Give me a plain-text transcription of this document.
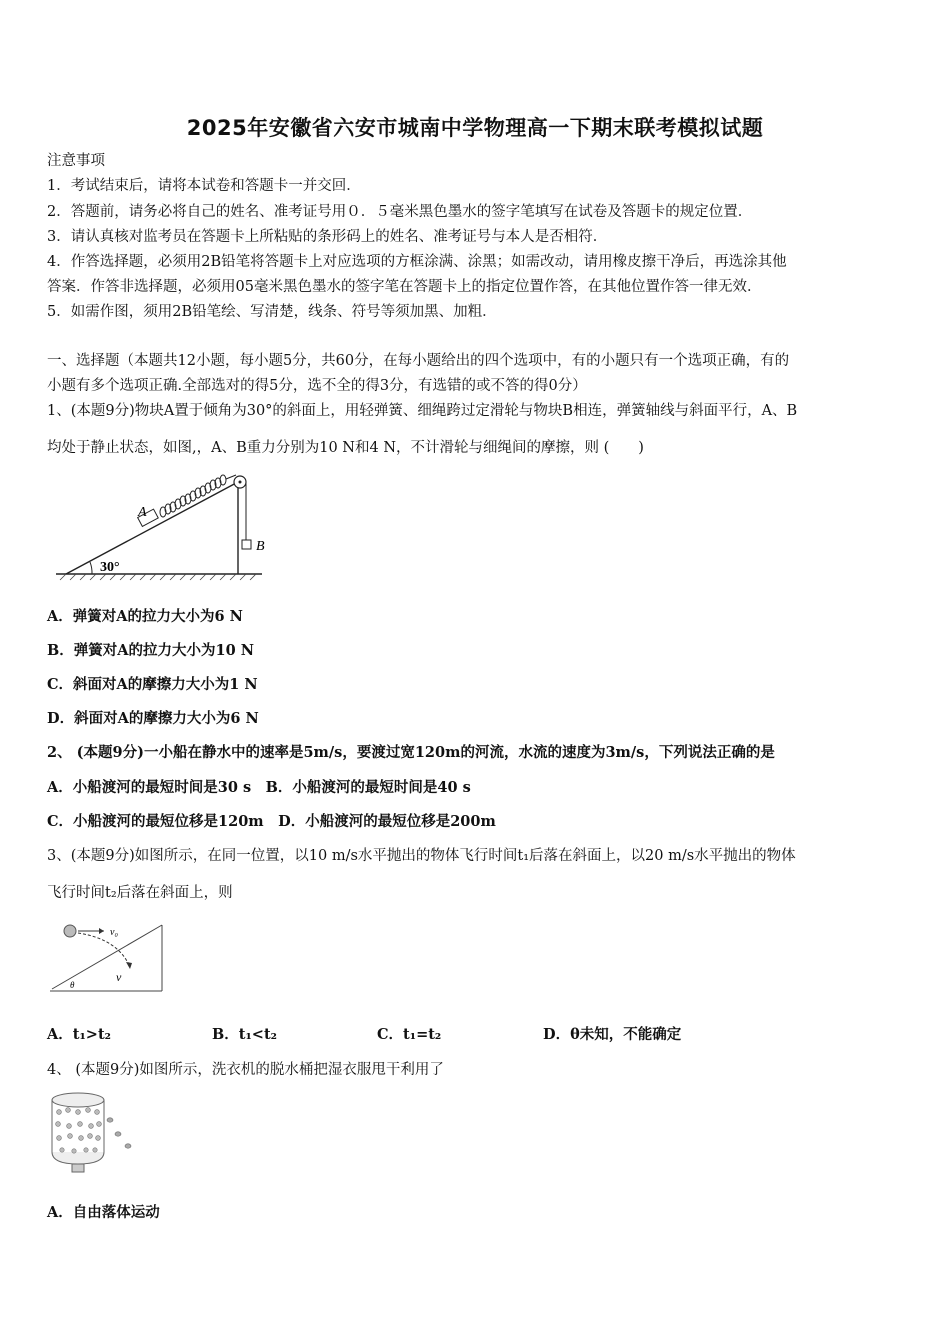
2025年安徽省六安市城南中学物理高一下期末联考模拟试题
注意事项
1．考试结束后，请将本试卷和答题卡一并交回．
2．答题前，请务必将自己的姓名、准考证号用０．５毫米黑色墨水的签字笔填写在试卷及答题卡的规定位置．
3．请认真核对监考员在答题卡上所粘贴的条形码上的姓名、准考证号与本人是否相符．
4．作答选择题，必须用2B铅笔将答题卡上对应选项的方框涂满、涂黑；如需改动，请用橡皮擦干净后，再选涂其他
答案．作答非选择题，必须用05毫米黑色墨水的签字笔在答题卡上的指定位置作答，在其他位置作答一律无效．
5．如需作图，须用2B铅笔绘、写清楚，线条、符号等须加黑、加粗．
一、选择题（本题共12小题，每小题5分，共60分，在每小题给出的四个选项中，有的小题只有一个选项正确，有的
小题有多个选项正确.全部选对的得5分，选不全的得3分，有选错的或不答的得0分）
1、(本题9分)物块A置于倾角为30°的斜面上，用轻弹簧、细绳跨过定滑轮与物块B相连，弹簧轴线与斜面平行，A、B
均处于静止状态，如图,，A、B重力分别为10 N和4 N，不计滑轮与细绳间的摩擦，则 (　　)
30°
A
B
A．弹簧对A的拉力大小为6 N
B．弹簧对A的拉力大小为10 N
C．斜面对A的摩擦力大小为1 N
D．斜面对A的摩擦力大小为6 N
2、 (本题9分)一小船在静水中的速率是5m/s，要渡过宽120m的河流，水流的速度为3m/s，下列说法正确的是
A．小船渡河的最短时间是30 s　B．小船渡河的最短时间是40 s
C．小船渡河的最短位移是120m　D．小船渡河的最短位移是200m
3、(本题9分)如图所示，在同一位置，以10 m/s水平抛出的物体飞行时间t₁后落在斜面上，以20 m/s水平抛出的物体
飞行时间t₂后落在斜面上，则
v₀
v
θ
A．t₁>t₂	B．t₁<t₂	C．t₁=t₂	D．θ未知，不能确定
4、 (本题9分)如图所示，洗衣机的脱水桶把湿衣服甩干利用了
A．自由落体运动
